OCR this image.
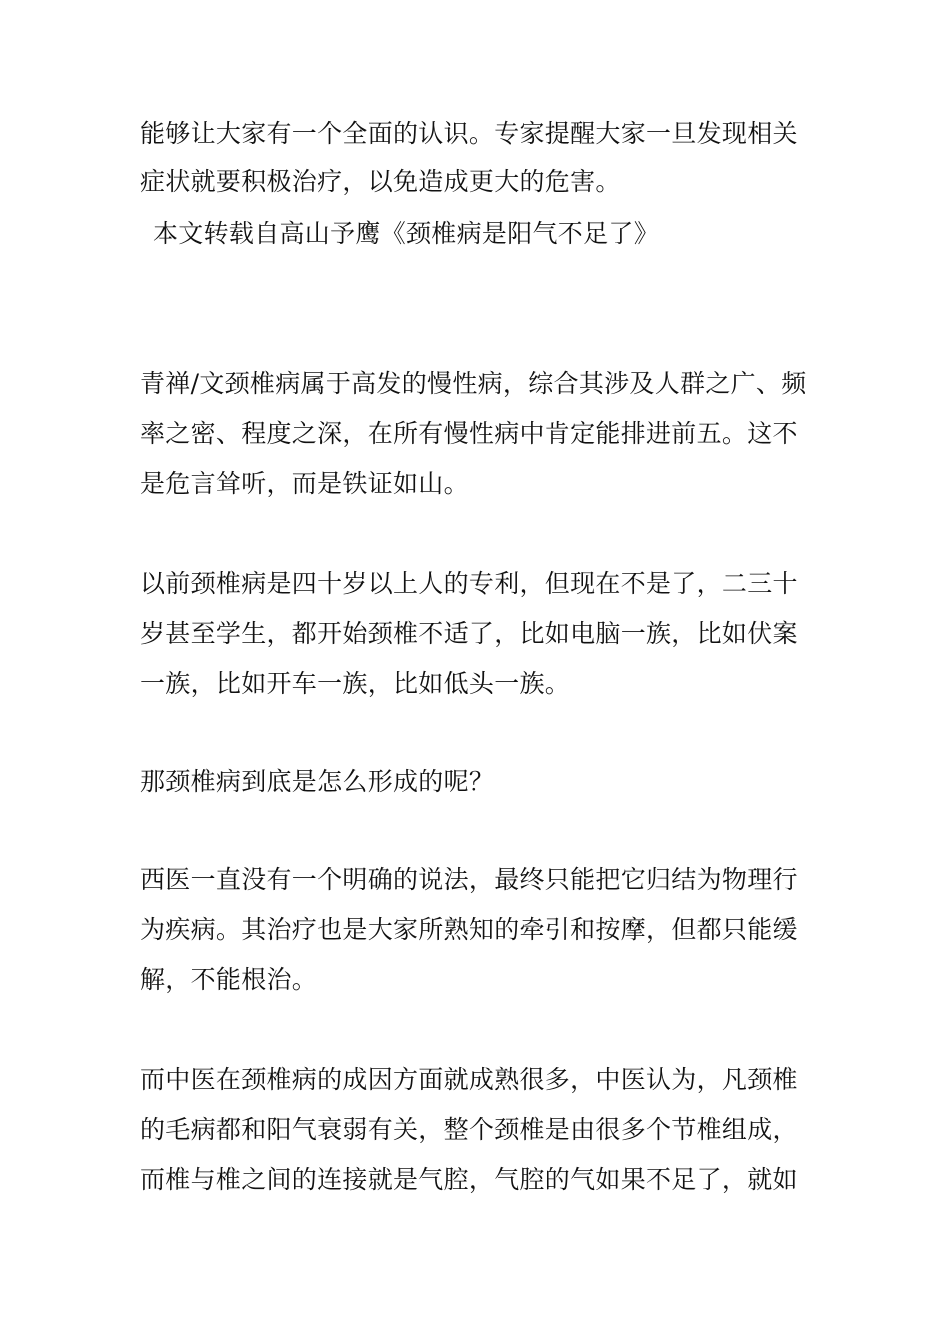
能够让大家有一个全面的认识。专家提醒大家一旦发现相关
症状就要积极治疗，以免造成更大的危害。
本文转载自高山予鹰《颈椎病是阳气不足了》
青禅/文颈椎病属于高发的慢性病，综合其涉及人群之广、频
率之密、程度之深，在所有慢性病中肯定能排进前五。这不
是危言耸听，而是铁证如山。
以前颈椎病是四十岁以上人的专利，但现在不是了，二三十
岁甚至学生，都开始颈椎不适了，比如电脑一族，比如伏案
一族，比如开车一族，比如低头一族。
那颈椎病到底是怎么形成的呢？
西医一直没有一个明确的说法，最终只能把它归结为物理行
为疾病。其治疗也是大家所熟知的牵引和按摩，但都只能缓
解，不能根治。
而中医在颈椎病的成因方面就成熟很多，中医认为，凡颈椎
的毛病都和阳气衰弱有关，整个颈椎是由很多个节椎组成，
而椎与椎之间的连接就是气腔，气腔的气如果不足了，就如
